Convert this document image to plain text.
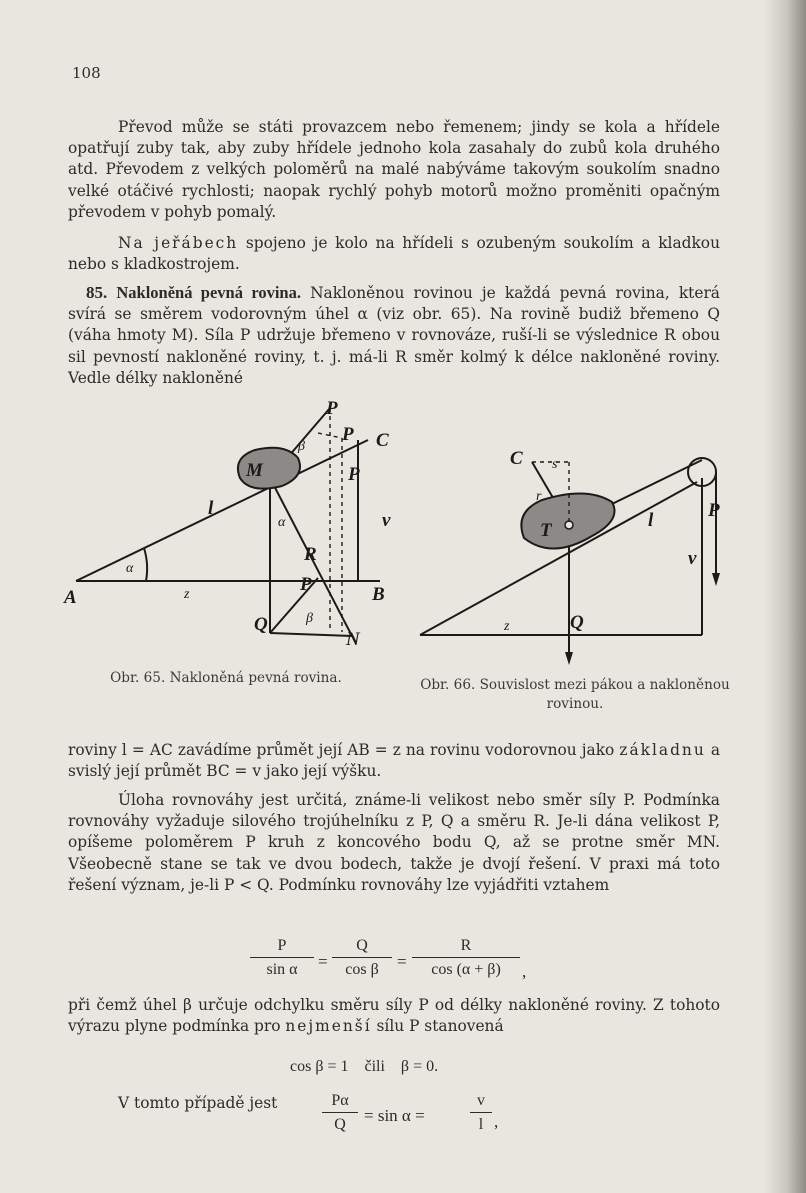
108

Převod může se státi provazcem nebo řemenem; jindy se kola a hřídele opatřují zuby tak, aby zuby hřídele jednoho kola zasahaly do zubů kola druhého atd. Převodem z velkých poloměrů na malé nabýváme takovým soukolím snadno velké otáčivé rychlosti; naopak rychlý pohyb motorů možno proměniti opačným převodem v pohyb pomalý.

Na jeřábech spojeno je kolo na hřídeli s ozubeným soukolím a kladkou nebo s kladkostrojem.

85. Nakloněná pevná rovina. Nakloněnou rovinou je každá pevná rovina, která svírá se směrem vodorovným úhel α (viz obr. 65). Na rovině budiž břemeno Q (váha hmoty M). Síla P udržuje břemeno v rovnováze, ruší-li se výslednice R obou sil pevností nakloněné roviny, t. j. má-li R směr kolmý k délce nakloněné roviny. Vedle délky nakloněné

A	B
C
M
N
P
P
P
P
Q
R
l
v
z
α
α
β
β
C
T
P
Q
l
v
z
r
s
Obr. 65. Nakloněná pevná rovina.	Obr. 66. Souvislost mezi pákou a nakloněnou rovinou.

roviny l = AC zavádíme průmět její AB = z na rovinu vodorovnou jako základnu a svislý její průmět BC = v jako její výšku.

Úloha rovnováhy jest určitá, známe-li velikost nebo směr síly P. Podmínka rovnováhy vyžaduje silového trojúhelníku z P, Q a směru R. Je-li dána velikost P, opíšeme poloměrem P kruh z koncového bodu Q, až se protne směr MN. Všeobecně stane se tak ve dvou bodech, takže je dvojí řešení. V praxi má toto řešení význam, je-li P < Q. Podmínku rovnováhy lze vyjádřiti vztahem

$\frac{P}{\text{sin α}} = \frac{Q}{\text{cos β}} = \frac{R}{\cos (\alpha + \beta)}$ ,

při čemž úhel β určuje odchylku směru síly P od délky nakloněné roviny. Z tohoto výrazu plyne podmínka pro nejmenší sílu P stanovená

cos β = 1    čili    β = 0.
V tomto případě jest	$\frac{P\alpha}{Q} = \sin \alpha$ =	$\frac{v}{l}$ ,
